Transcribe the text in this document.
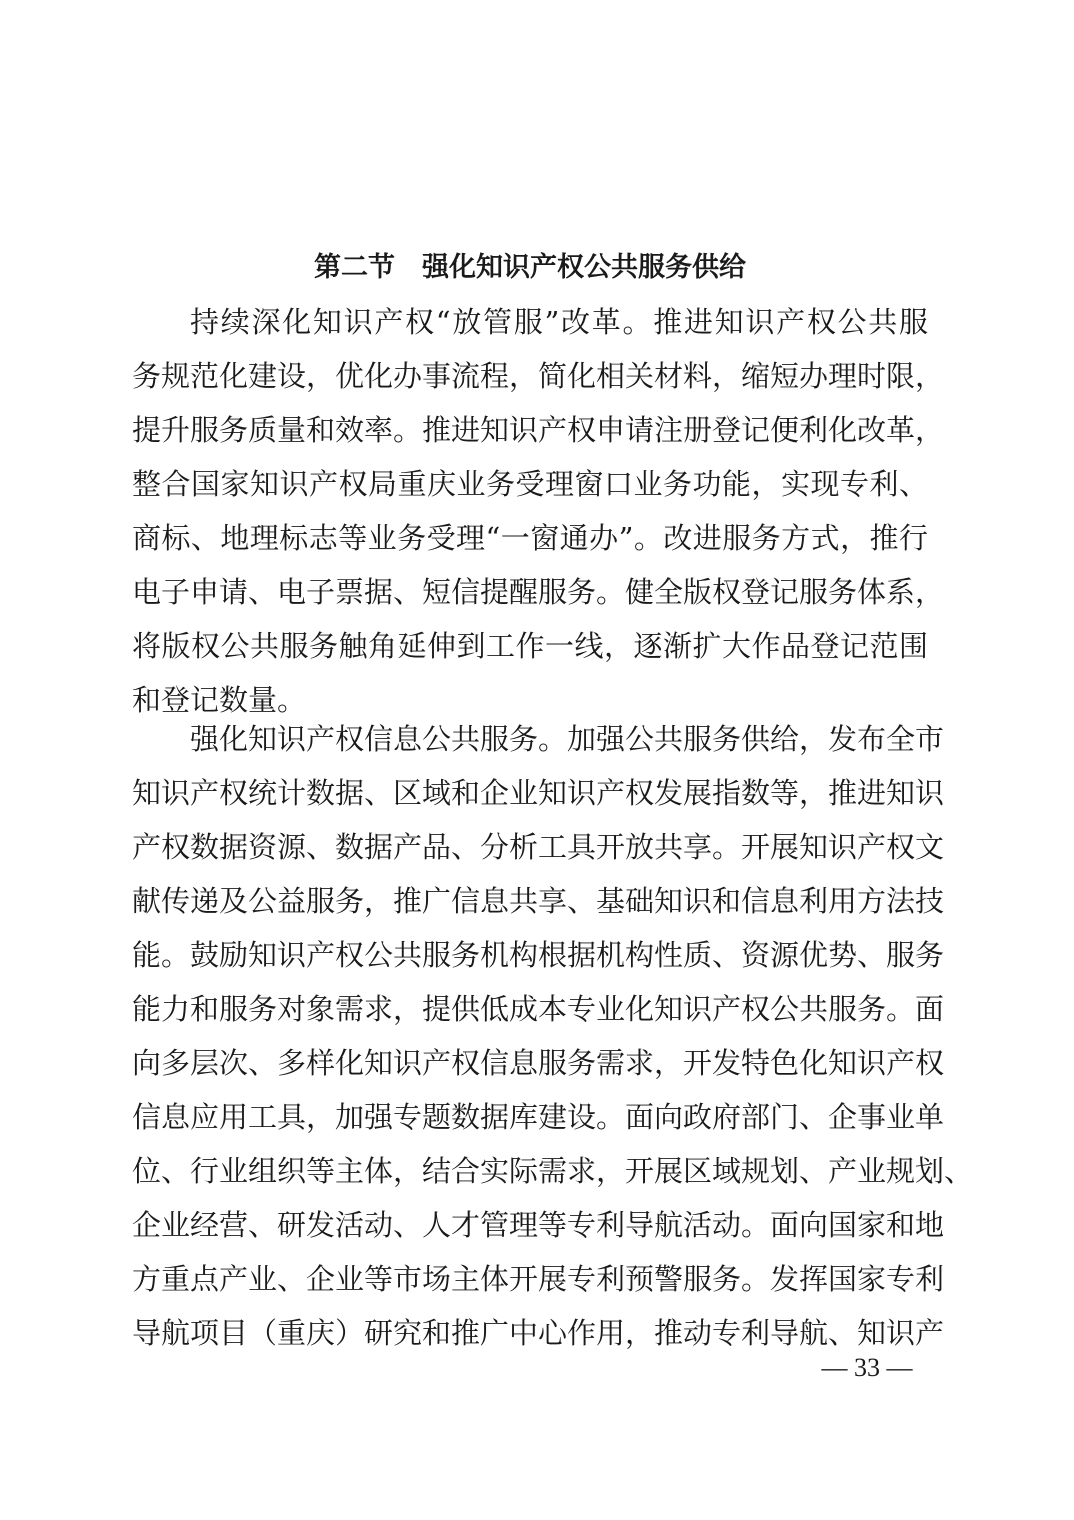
第二节　强化知识产权公共服务供给
持续深化知识产权“放管服”改革。推进知识产权公共服
务规范化建设，优化办事流程，简化相关材料，缩短办理时限，
提升服务质量和效率。推进知识产权申请注册登记便利化改革，
整合国家知识产权局重庆业务受理窗口业务功能，实现专利、
商标、地理标志等业务受理“一窗通办”。改进服务方式，推行
电子申请、电子票据、短信提醒服务。健全版权登记服务体系，
将版权公共服务触角延伸到工作一线，逐渐扩大作品登记范围
和登记数量。
强化知识产权信息公共服务。加强公共服务供给，发布全市
知识产权统计数据、区域和企业知识产权发展指数等，推进知识
产权数据资源、数据产品、分析工具开放共享。开展知识产权文
献传递及公益服务，推广信息共享、基础知识和信息利用方法技
能。鼓励知识产权公共服务机构根据机构性质、资源优势、服务
能力和服务对象需求，提供低成本专业化知识产权公共服务。面
向多层次、多样化知识产权信息服务需求，开发特色化知识产权
信息应用工具，加强专题数据库建设。面向政府部门、企事业单
位、行业组织等主体，结合实际需求，开展区域规划、产业规划、
企业经营、研发活动、人才管理等专利导航活动。面向国家和地
方重点产业、企业等市场主体开展专利预警服务。发挥国家专利
导航项目（重庆）研究和推广中心作用，推动专利导航、知识产
— 33 —
